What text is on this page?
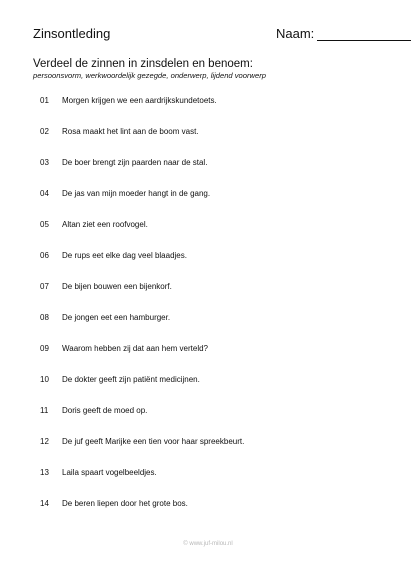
Zinsontleding	Naam:
Verdeel de zinnen in zinsdelen en benoem:
persoonsvorm, werkwoordelijk gezegde, onderwerp, lijdend voorwerp
01	Morgen krijgen we een aardrijkskundetoets.
02	Rosa maakt het lint aan de boom vast.
03	De boer brengt zijn paarden naar de stal.
04	De jas van mijn moeder hangt in de gang.
05	Altan ziet een roofvogel.
06	De rups eet elke dag veel blaadjes.
07	De bijen bouwen een bijenkorf.
08	De jongen eet een hamburger.
09	Waarom hebben zij dat aan hem verteld?
10	De dokter geeft zijn patiënt medicijnen.
11	Doris geeft de moed op.
12	De juf geeft Marijke een tien voor haar spreekbeurt.
13	Laila spaart vogelbeeldjes.
14	De beren liepen door het grote bos.
© www.juf-milou.nl
